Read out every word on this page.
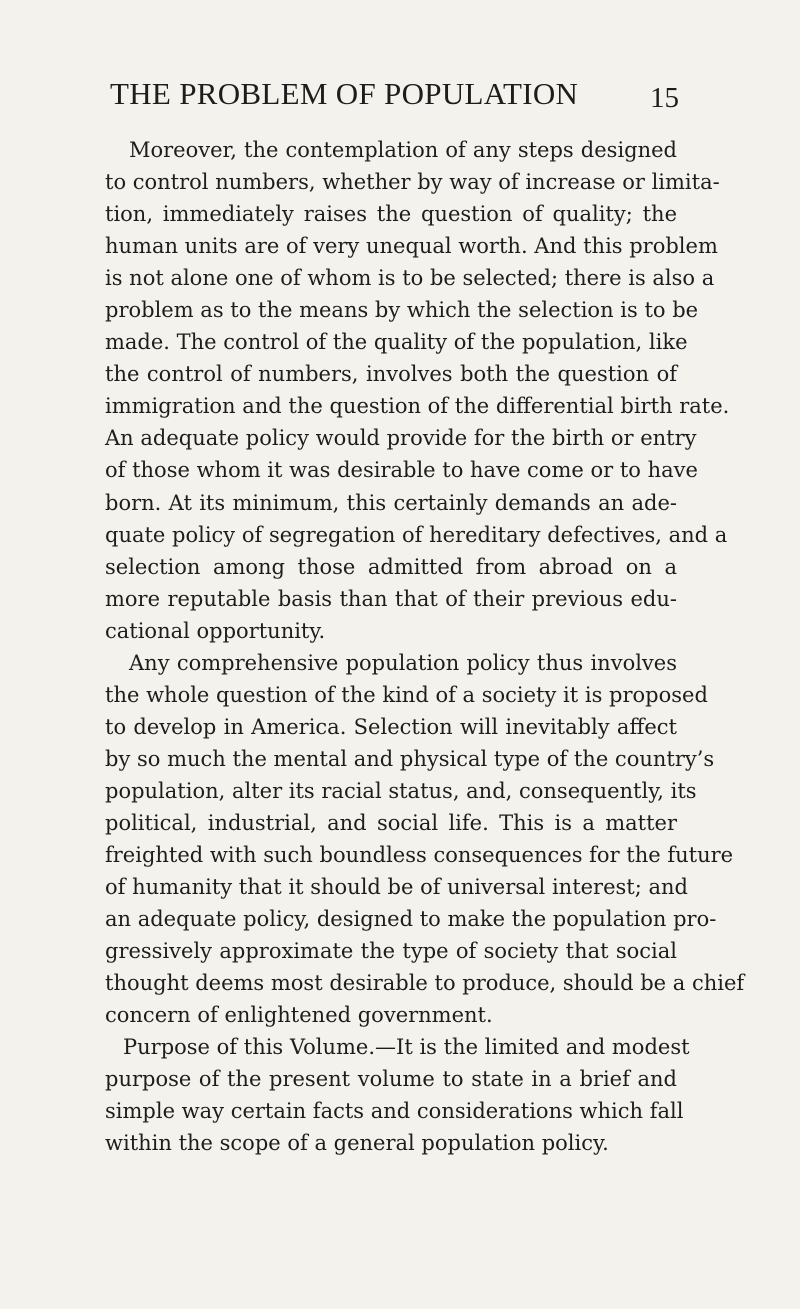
THE PROBLEM OF POPULATION 15
Moreover, the contemplation of any steps designed
to control numbers, whether by way of increase or limita-
tion, immediately raises the question of quality; the
human units are of very unequal worth. And this problem
is not alone one of whom is to be selected; there is also a
problem as to the means by which the selection is to be
made. The control of the quality of the population, like
the control of numbers, involves both the question of
immigration and the question of the differential birth rate.
An adequate policy would provide for the birth or entry
of those whom it was desirable to have come or to have
born. At its minimum, this certainly demands an ade-
quate policy of segregation of hereditary defectives, and a
selection among those admitted from abroad on a
more reputable basis than that of their previous edu-
cational opportunity.
Any comprehensive population policy thus involves
the whole question of the kind of a society it is proposed
to develop in America. Selection will inevitably affect
by so much the mental and physical type of the country’s
population, alter its racial status, and, consequently, its
political, industrial, and social life. This is a matter
freighted with such boundless consequences for the future
of humanity that it should be of universal interest; and
an adequate policy, designed to make the population pro-
gressively approximate the type of society that social
thought deems most desirable to produce, should be a chief
concern of enlightened government.
Purpose of this Volume.—It is the limited and modest
purpose of the present volume to state in a brief and
simple way certain facts and considerations which fall
within the scope of a general population policy.
